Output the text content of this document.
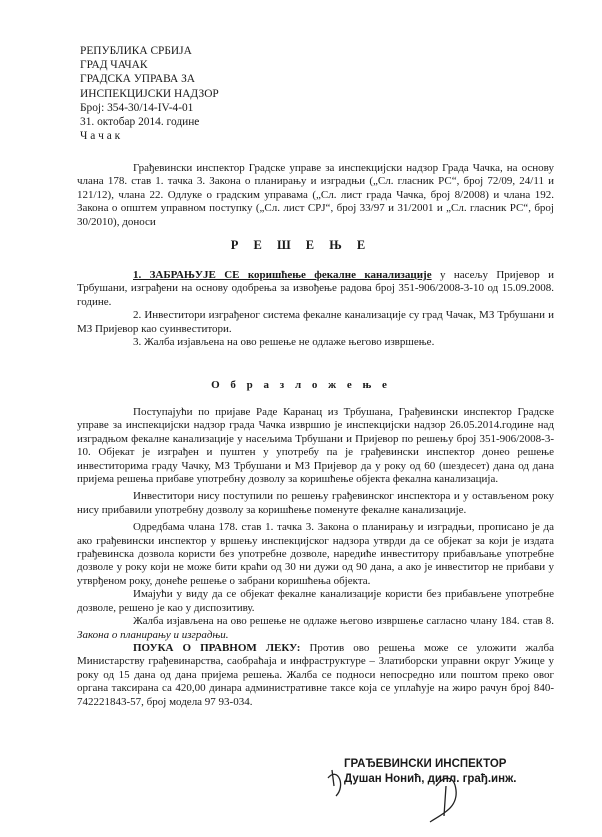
РЕПУБЛИКА СРБИЈА
ГРАД ЧАЧАК
ГРАДСКА УПРАВА ЗА
ИНСПЕКЦИЈСКИ НАДЗОР
Број: 354-30/14-IV-4-01
31. октобар 2014. године
Ч а ч а к
Грађевински инспектор Градске управе за инспекцијски надзор Града Чачка, на основу члана 178. став 1. тачка 3. Закона о планирању и изградњи („Сл. гласник РС“, број 72/09, 24/11 и 121/12), члана 22. Одлуке о градским управама („Сл. лист града Чачка, број 8/2008) и члана 192. Закона о општем управном поступку („Сл. лист СРЈ“, број 33/97 и 31/2001 и „Сл. гласник РС“, број 30/2010), доноси
Р Е Ш Е Њ Е
1. ЗАБРАЊУЈЕ СЕ коришћење фекалне канализације у насељу Пријевор и Трбушани, изграђени на основу одобрења за извођење радова број 351-906/2008-3-10 од 15.09.2008. године.
2. Инвеститори изграђеног система фекалне канализације су град Чачак, МЗ Трбушани и МЗ Пријевор као суинвеститори.
3. Жалба изјављена на ово решење не одлаже његово извршење.
О б р а з л о ж е њ е
Поступајући по пријаве Раде Каранац из Трбушана, Грађевински инспектор Градске управе за инспекцијски надзор града Чачка извршио је инспекцијски надзор 26.05.2014.године над изградњом фекалне канализације у насељима Трбушани и Пријевор по решењу број 351-906/2008-3-10. Објекат је изграђен и пуштен у употребу па је грађевински инспектор донео решење инвеститорима граду Чачку, МЗ Трбушани и МЗ Пријевор да у року од 60 (шездесет) дана од дана пријема решења прибаве употребну дозволу за коришћење објекта фекална канализација.
Инвеститори нису поступили по решењу грађевинског инспектора и у остављеном року нису прибавили употребну дозволу за коришћење поменуте фекалне канализације.
Одредбама члана 178. став 1. тачка 3. Закона о планирању и изградњи, прописано је да ако грађевински инспектор у вршењу инспекцијског надзора утврди да се објекат за који је издата грађевинска дозвола користи без употребне дозволе, наредиће инвеститору прибављање употребне дозволе у року који не може бити краћи од 30 ни дужи од 90 дана, а ако је инвеститор не прибави у утврђеном року, донеће решење о забрани коришћења објекта.
Имајући у виду да се објекат фекалне канализације користи без прибављене употребне дозволе, решено је као у диспозитиву.
Жалба изјављена на ово решење не одлаже његово извршење сагласно члану 184. став 8. Закона о планирању и изградњи.
ПОУКА О ПРАВНОМ ЛЕКУ: Против ово решења може се уложити жалба Министарству грађевинарства, саобраћаја и инфраструктуре – Златиборски управни округ Ужице у року од 15 дана од дана пријема решења. Жалба се подноси непосредно или поштом преко овог органа таксирана са 420,00 динара административне таксе која се уплаћује на жиро рачун број 840-742221843-57, број модела 97 93-034.
ГРАЂЕВИНСКИ ИНСПЕКТОР
Душан Нонић, дипл. грађ.инж.
